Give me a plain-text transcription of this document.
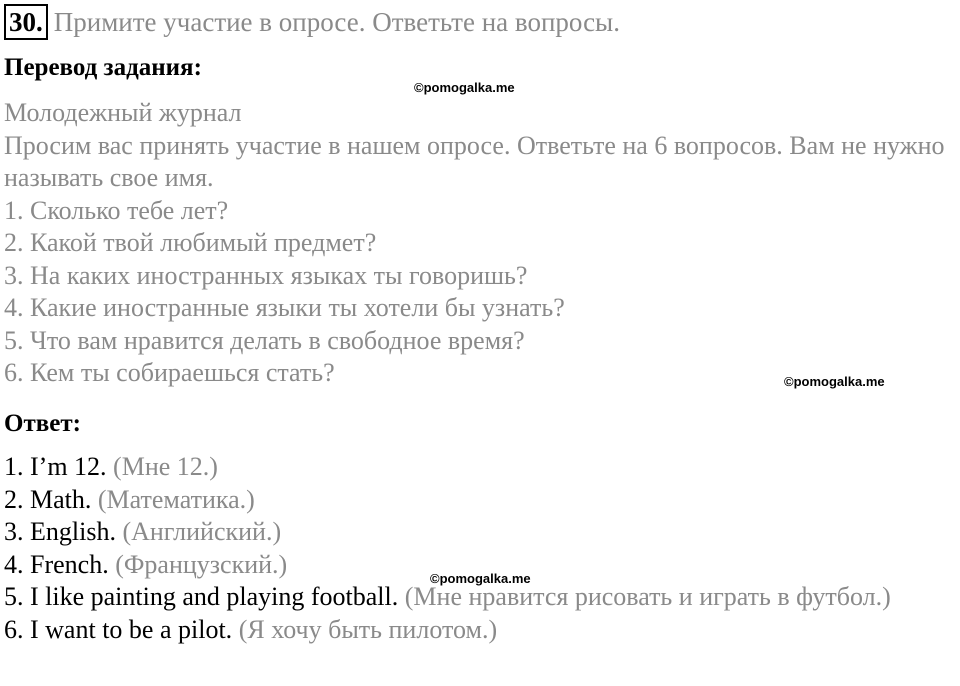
30. Примите участие в опросе. Ответьте на вопросы.
Перевод задания:
Молодежный журнал
Просим вас принять участие в нашем опросе. Ответьте на 6 вопросов. Вам не нужно называть свое имя.
1. Сколько тебе лет?
2. Какой твой любимый предмет?
3. На каких иностранных языках ты говоришь?
4. Какие иностранные языки ты хотели бы узнать?
5. Что вам нравится делать в свободное время?
6. Кем ты собираешься стать?
Ответ:
1. I’m 12. (Мне 12.)
2. Math. (Математика.)
3. English. (Английский.)
4. French. (Французский.)
5. I like painting and playing football. (Мне нравится рисовать и играть в футбол.)
6. I want to be a pilot. (Я хочу быть пилотом.)
©pomogalka.me
©pomogalka.me
©pomogalka.me
